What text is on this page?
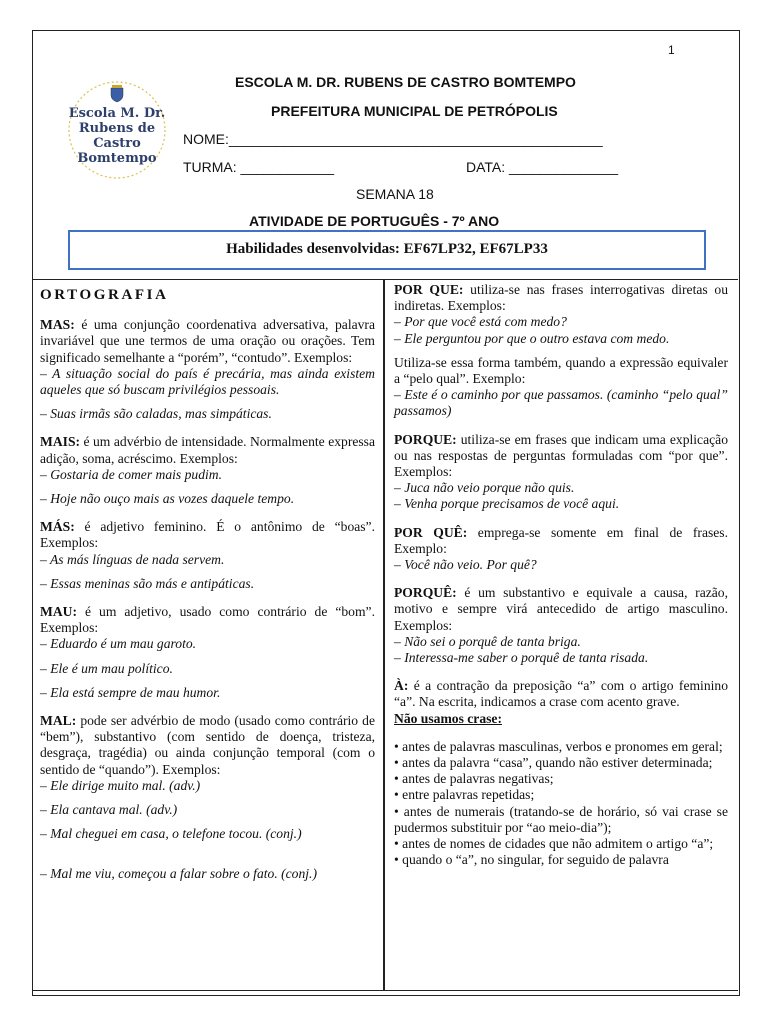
1
Escola M. Dr.
Rubens de
Castro
Bomtempo
ESCOLA M. DR. RUBENS DE CASTRO BOMTEMPO
PREFEITURA MUNICIPAL DE PETRÓPOLIS
NOME:________________________________________________
TURMA: ____________	DATA: ______________
SEMANA 18
ATIVIDADE DE PORTUGUÊS - 7º ANO
Habilidades desenvolvidas: EF67LP32, EF67LP33

ORTOGRAFIA

MAS: é uma conjunção coordenativa adversativa, palavra invariável que une termos de uma oração ou orações. Tem significado semelhante a “porém”, “contudo”. Exemplos:

– A situação social do país é precária, mas ainda existem aqueles que só buscam privilégios pessoais.

– Suas irmãs são caladas, mas simpáticas.

MAIS: é um advérbio de intensidade. Normalmente expressa adição, soma, acréscimo. Exemplos:

– Gostaria de comer mais pudim.

– Hoje não ouço mais as vozes daquele tempo.

MÁS: é adjetivo feminino. É o antônimo de “boas”. Exemplos:

– As más línguas de nada servem.

– Essas meninas são más e antipáticas.

MAU: é um adjetivo, usado como contrário de “bom”. Exemplos:

– Eduardo é um mau garoto.

– Ele é um mau político.

– Ela está sempre de mau humor.

MAL: pode ser advérbio de modo (usado como contrário de “bem”), substantivo (com sentido de doença, tristeza, desgraça, tragédia) ou ainda conjunção temporal (com o sentido de “quando”). Exemplos:

– Ele dirige muito mal. (adv.)

– Ela cantava mal. (adv.)

– Mal cheguei em casa, o telefone tocou. (conj.)

– Mal me viu, começou a falar sobre o fato. (conj.)

POR QUE: utiliza-se nas frases interrogativas diretas ou indiretas. Exemplos:

– Por que você está com medo?

– Ele perguntou por que o outro estava com medo.

Utiliza-se essa forma também, quando a expressão equivaler a “pelo qual”. Exemplo:

– Este é o caminho por que passamos. (caminho “pelo qual” passamos)

PORQUE: utiliza-se em frases que indicam uma explicação ou nas respostas de perguntas formuladas com “por que”. Exemplos:

– Juca não veio porque não quis.

– Venha porque precisamos de você aqui.

POR QUÊ: emprega-se somente em final de frases. Exemplo:

– Você não veio. Por quê?

PORQUÊ: é um substantivo e equivale a causa, razão, motivo e sempre virá antecedido de artigo masculino. Exemplos:

– Não sei o porquê de tanta briga.

– Interessa-me saber o porquê de tanta risada.

À: é a contração da preposição “a” com o artigo feminino “a”. Na escrita, indicamos a crase com acento grave.

Não usamos crase:

• antes de palavras masculinas, verbos e pronomes em geral;

• antes da palavra “casa”, quando não estiver determinada;

• antes de palavras negativas;

• entre palavras repetidas;

• antes de numerais (tratando-se de horário, só vai crase se pudermos substituir por “ao meio-dia”);

• antes de nomes de cidades que não admitem o artigo “a”;

• quando o “a”, no singular, for seguido de palavra
